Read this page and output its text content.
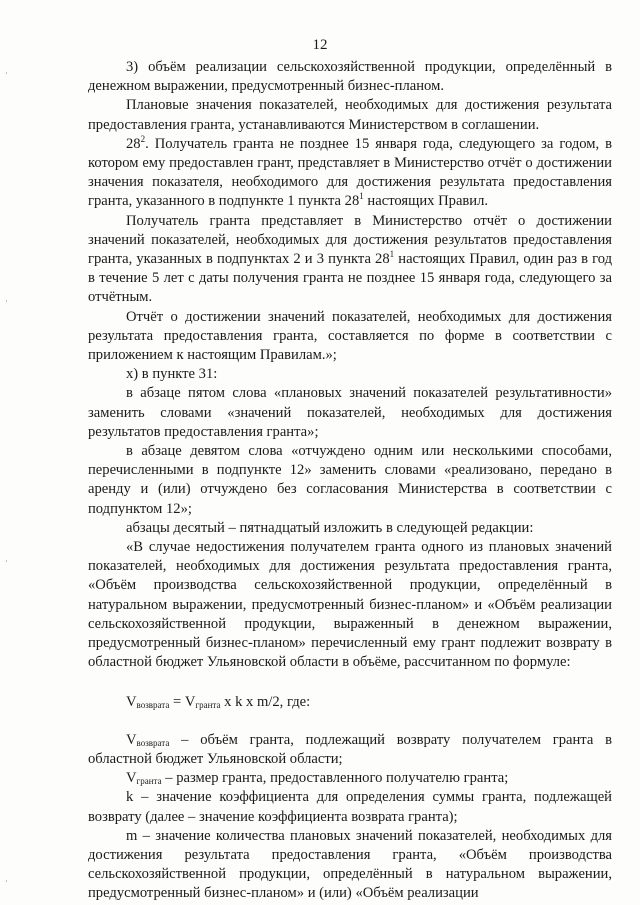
12

3) объём реализации сельскохозяйственной продукции, определённый в денежном выражении, предусмотренный бизнес-планом.

Плановые значения показателей, необходимых для достижения результата предоставления гранта, устанавливаются Министерством в соглашении.

$28^2$. Получатель гранта не позднее 15 января года, следующего за годом, в котором ему предоставлен грант, представляет в Министерство отчёт о достижении значения показателя, необходимого для достижения результата предоставления гранта, указанного в подпункте 1 пункта $28^1$ настоящих Правил.

Получатель гранта представляет в Министерство отчёт о достижении значений показателей, необходимых для достижения результатов предоставления гранта, указанных в подпунктах 2 и 3 пункта $28^1$ настоящих Правил, один раз в год в течение 5 лет с даты получения гранта не позднее 15 января года, следующего за отчётным.

Отчёт о достижении значений показателей, необходимых для достижения результата предоставления гранта, составляется по форме в соответствии с приложением к настоящим Правилам.»;

х) в пункте 31:

в абзаце пятом слова «плановых значений показателей результативности» заменить словами «значений показателей, необходимых для достижения результатов предоставления гранта»;

в абзаце девятом слова «отчуждено одним или несколькими способами, перечисленными в подпункте 12» заменить словами «реализовано, передано в аренду и (или) отчуждено без согласования Министерства в соответствии с подпунктом 12»;

абзацы десятый – пятнадцатый изложить в следующей редакции:

«В случае недостижения получателем гранта одного из плановых значений показателей, необходимых для достижения результата предоставления гранта, «Объём производства сельскохозяйственной продукции, определённый в натуральном выражении, предусмотренный бизнес-планом» и «Объём реализации сельскохозяйственной продукции, выраженный в денежном выражении, предусмотренный бизнес-планом» перечисленный ему грант подлежит возврату в областной бюджет Ульяновской области в объёме, рассчитанном по формуле:

$V_{возврата} = V_{гранта}$ х k х m/2, где:

$V_{возврата}$ – объём гранта, подлежащий возврату получателем гранта в областной бюджет Ульяновской области;

$V_{гранта}$ – размер гранта, предоставленного получателю гранта;

k – значение коэффициента для определения суммы гранта, подлежащей возврату (далее – значение коэффициента возврата гранта);

m – значение количества плановых значений показателей, необходимых для достижения результата предоставления гранта, «Объём производства сельскохозяйственной продукции, определённый в натуральном выражении, предусмотренный бизнес-планом» и (или) «Объём реализации
